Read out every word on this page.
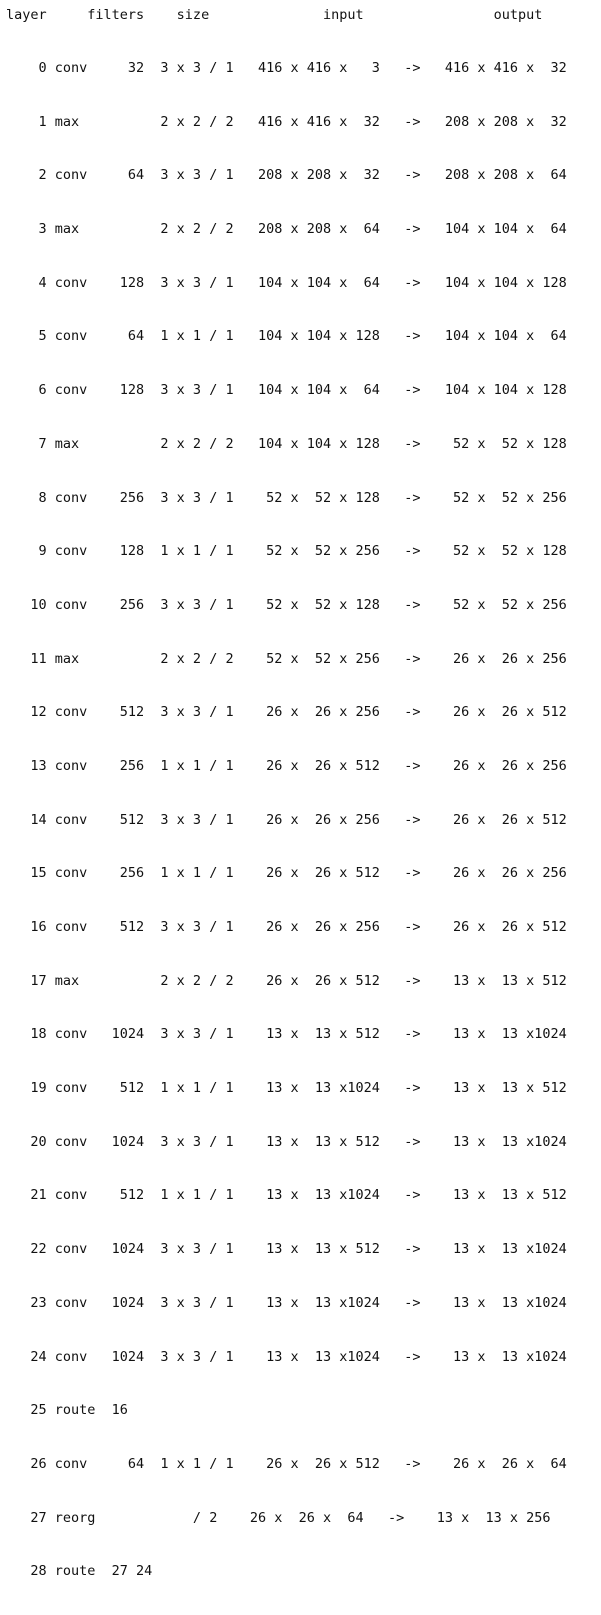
layer     filters    size              input                output

0 conv     32  3 x 3 / 1   416 x 416 x   3   ->   416 x 416 x  32

1 max          2 x 2 / 2   416 x 416 x  32   ->   208 x 208 x  32

2 conv     64  3 x 3 / 1   208 x 208 x  32   ->   208 x 208 x  64

3 max          2 x 2 / 2   208 x 208 x  64   ->   104 x 104 x  64

4 conv    128  3 x 3 / 1   104 x 104 x  64   ->   104 x 104 x 128

5 conv     64  1 x 1 / 1   104 x 104 x 128   ->   104 x 104 x  64

6 conv    128  3 x 3 / 1   104 x 104 x  64   ->   104 x 104 x 128

7 max          2 x 2 / 2   104 x 104 x 128   ->    52 x  52 x 128

8 conv    256  3 x 3 / 1    52 x  52 x 128   ->    52 x  52 x 256

9 conv    128  1 x 1 / 1    52 x  52 x 256   ->    52 x  52 x 128

10 conv    256  3 x 3 / 1    52 x  52 x 128   ->    52 x  52 x 256

11 max          2 x 2 / 2    52 x  52 x 256   ->    26 x  26 x 256

12 conv    512  3 x 3 / 1    26 x  26 x 256   ->    26 x  26 x 512

13 conv    256  1 x 1 / 1    26 x  26 x 512   ->    26 x  26 x 256

14 conv    512  3 x 3 / 1    26 x  26 x 256   ->    26 x  26 x 512

15 conv    256  1 x 1 / 1    26 x  26 x 512   ->    26 x  26 x 256

16 conv    512  3 x 3 / 1    26 x  26 x 256   ->    26 x  26 x 512

17 max          2 x 2 / 2    26 x  26 x 512   ->    13 x  13 x 512

18 conv   1024  3 x 3 / 1    13 x  13 x 512   ->    13 x  13 x1024

19 conv    512  1 x 1 / 1    13 x  13 x1024   ->    13 x  13 x 512

20 conv   1024  3 x 3 / 1    13 x  13 x 512   ->    13 x  13 x1024

21 conv    512  1 x 1 / 1    13 x  13 x1024   ->    13 x  13 x 512

22 conv   1024  3 x 3 / 1    13 x  13 x 512   ->    13 x  13 x1024

23 conv   1024  3 x 3 / 1    13 x  13 x1024   ->    13 x  13 x1024

24 conv   1024  3 x 3 / 1    13 x  13 x1024   ->    13 x  13 x1024

25 route  16

26 conv     64  1 x 1 / 1    26 x  26 x 512   ->    26 x  26 x  64

27 reorg            / 2    26 x  26 x  64   ->    13 x  13 x 256

28 route  27 24
